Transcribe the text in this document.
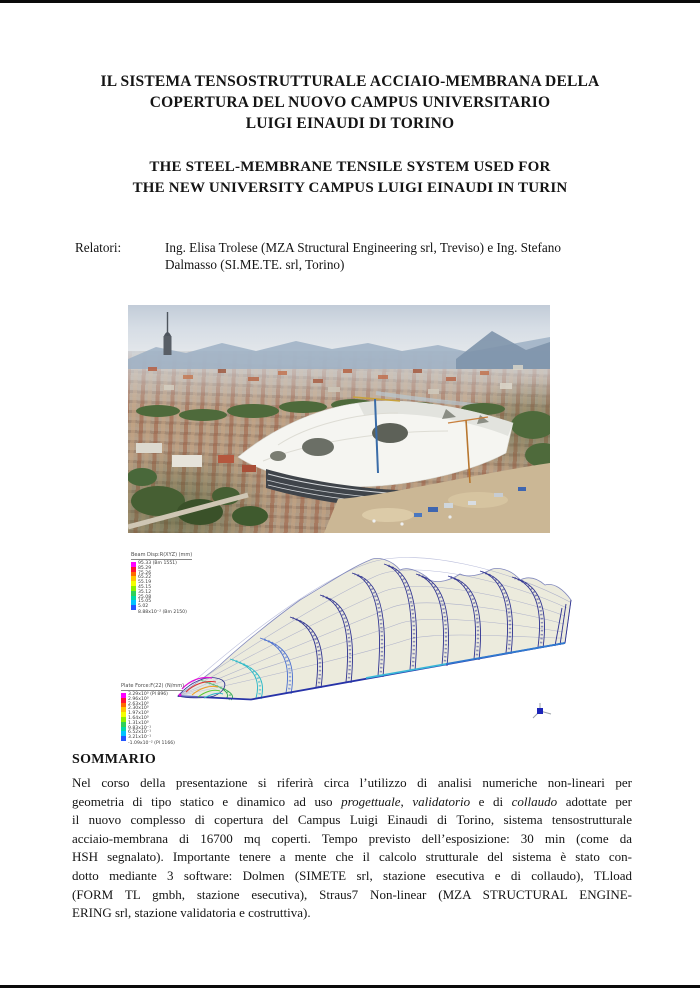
IL SISTEMA TENSOSTRUTTURALE ACCIAIO-MEMBRANA DELLA
COPERTURA DEL NUOVO CAMPUS UNIVERSITARIO
LUIGI EINAUDI DI TORINO
THE STEEL-MEMBRANE TENSILE SYSTEM USED FOR
THE NEW UNIVERSITY CAMPUS LUIGI EINAUDI IN TURIN
Relatori:	Ing. Elisa Trolese (MZA Structural Engineering srl, Treviso) e Ing. Stefano
Dalmasso (SI.ME.TE. srl, Torino)
Beam Disp:R(XYZ) (mm)
95.33 (Bm 1551)
85.29
75.26
65.22
55.19
45.15
35.12
25.08
15.05
5.02
8.88x10⁻² (Bm 2150)
Plate Force:F(22) (N/mm)
3.29x10⁰ (Pl 896)
2.96x10⁰
2.63x10⁰
2.30x10⁰
1.97x10⁰
1.64x10⁰
1.31x10⁰
9.83x10⁻¹
6.52x10⁻¹
3.21x10⁻¹
-1.09x10⁻² (Pl 1166)
SOMMARIO
Nel corso della presentazione si riferirà circa l’utilizzo di analisi numeriche non-lineari per
geometria di tipo statico e dinamico ad uso progettuale, validatorio e di collaudo adottate per
il nuovo complesso di copertura del Campus Luigi Einaudi di Torino, sistema tensostrutturale
acciaio-membrana di 16700 mq coperti. Tempo previsto dell’esposizione: 30 min (come da
HSH segnalato). Importante tenere a mente che il calcolo strutturale del sistema è stato con-
dotto mediante 3 software: Dolmen (SIMETE srl, stazione esecutiva e di collaudo), TLload
(FORM TL gmbh, stazione esecutiva), Straus7 Non-linear (MZA STRUCTURAL ENGINE-
ERING srl, stazione validatoria e costruttiva).
